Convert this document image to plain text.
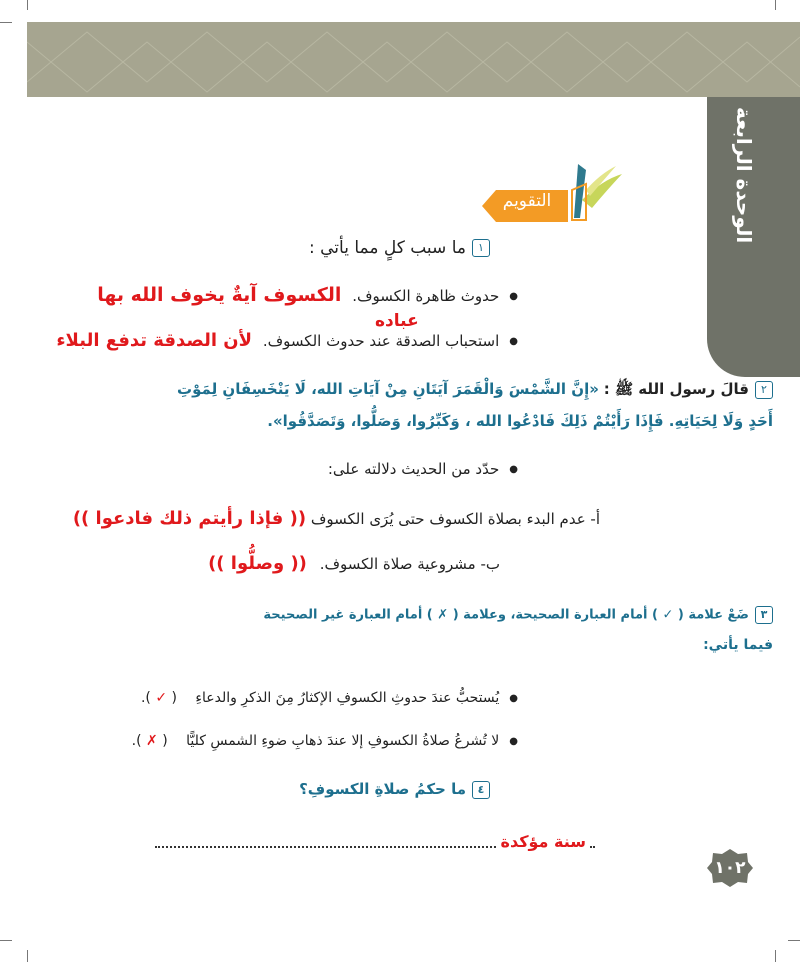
الوحدة الرابعة
التقويم
١ما سبب كلٍ مما يأتي :
● حدوث ظاهرة الكسوف. الكسوف آيةٌ يخوف الله بها
عباده
● استحباب الصدقة عند حدوث الكسوف. لأن الصدقة تدفع البلاء
٢قالَ رسول الله ﷺ : «إِنَّ الشَّمْسَ وَالْقَمَرَ آيَتَانِ مِنْ آيَاتِ الله، لَا يَنْخَسِفَانِ لِمَوْتِ
أَحَدٍ وَلَا لِحَيَاتِهِ. فَإِذَا رَأَيْتُمْ ذَلِكَ فَادْعُوا الله ، وَكَبِّرُوا، وَصَلُّوا، وَتَصَدَّقُوا».
● حدّد من الحديث دلالته على:
أ- عدم البدء بصلاة الكسوف حتى يُرَى الكسوف (( فإذا رأيتم ذلك فادعوا ))
ب- مشروعية صلاة الكسوف. (( وصلُّوا ))
٣ضَعْ علامة ( ✓ ) أمام العبارة الصحيحة، وعلامة ( ✗ ) أمام العبارة غير الصحيحة
فيما يأتي:
● يُستحبُّ عندَ حدوثِ الكسوفِ الإكثارُ مِنَ الذكرِ والدعاءِ ( ✓ ).
● لا تُشرعُ صلاةُ الكسوفِ إلا عندَ ذهابِ ضوءِ الشمسِ كليًّا ( ✗ ).
٤ما حكمُ صلاةِ الكسوفِ؟
سنة مؤكدة
١٠٢
